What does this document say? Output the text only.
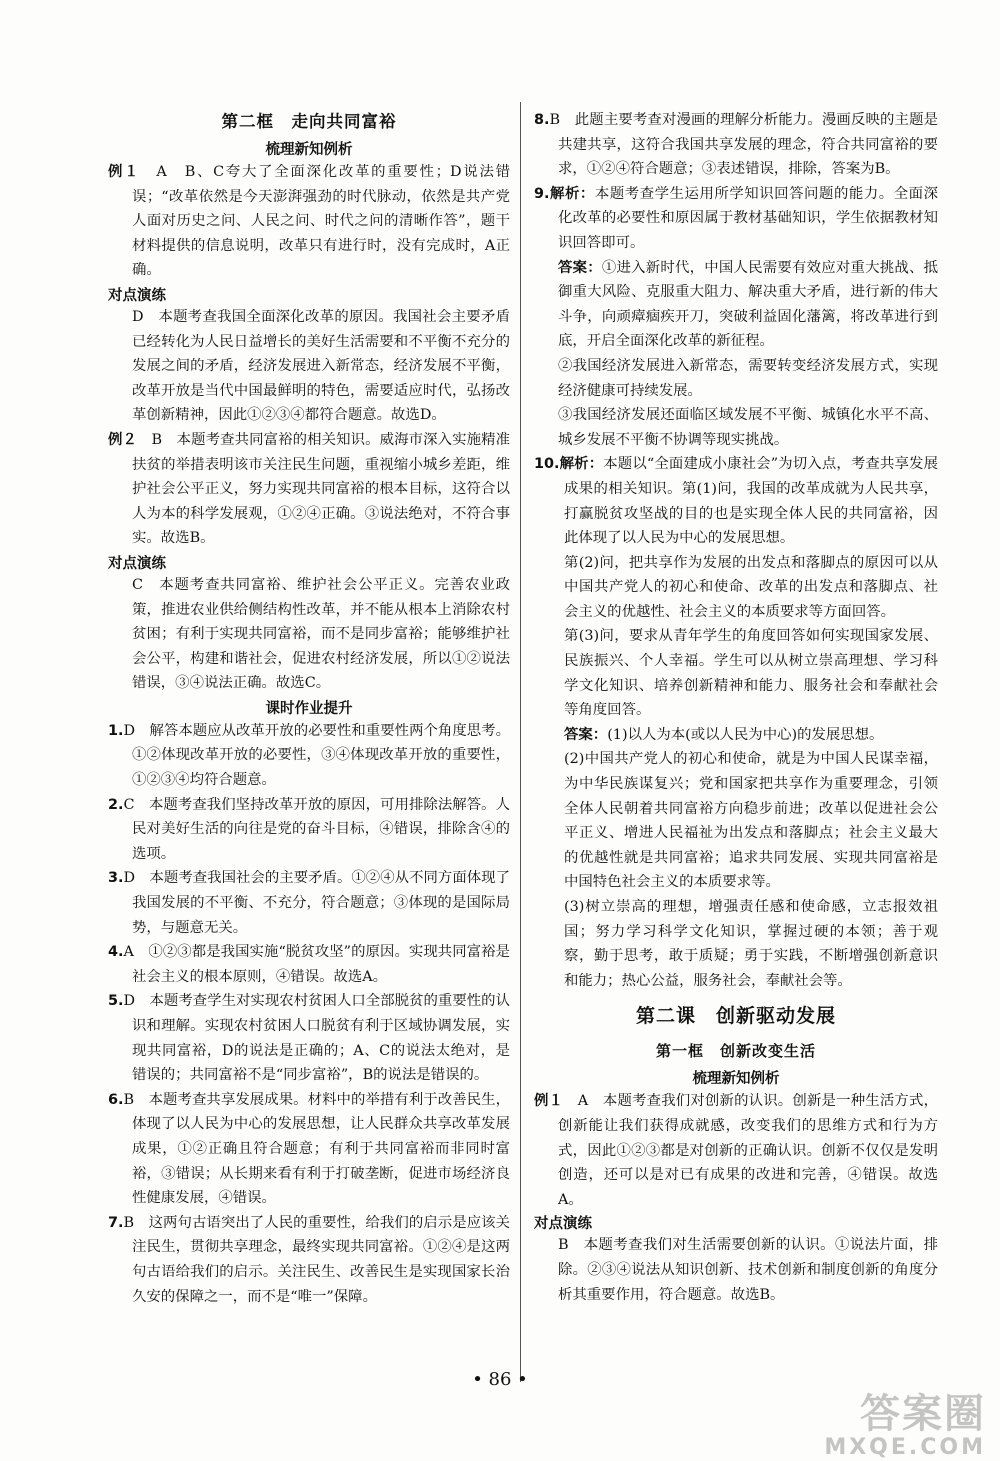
第二框　走向共同富裕

梳理新知例析

例１　 A　B、C夸大了全面深化改革的重要性；D说法错误；“改革依然是今天澎湃强劲的时代脉动，依然是共产党人面对历史之问、人民之问、时代之问的清晰作答”，题干材料提供的信息说明，改革只有进行时，没有完成时，A正确。

对点演练

D　本题考查我国全面深化改革的原因。我国社会主要矛盾已经转化为人民日益增长的美好生活需要和不平衡不充分的发展之间的矛盾，经济发展进入新常态，经济发展不平衡，改革开放是当代中国最鲜明的特色，需要适应时代，弘扬改革创新精神，因此①②③④都符合题意。故选D。

例２　 B　本题考查共同富裕的相关知识。威海市深入实施精准扶贫的举措表明该市关注民生问题，重视缩小城乡差距，维护社会公平正义，努力实现共同富裕的根本目标，这符合以人为本的科学发展观，①②④正确。③说法绝对，不符合事实。故选B。

对点演练

C　本题考查共同富裕、维护社会公平正义。完善农业政策，推进农业供给侧结构性改革，并不能从根本上消除农村贫困；有利于实现共同富裕，而不是同步富裕；能够维护社会公平，构建和谐社会，促进农村经济发展，所以①②说法错误，③④说法正确。故选C。

课时作业提升

1.D　解答本题应从改革开放的必要性和重要性两个角度思考。①②体现改革开放的必要性，③④体现改革开放的重要性，①②③④均符合题意。

2.C　本题考查我们坚持改革开放的原因，可用排除法解答。人民对美好生活的向往是党的奋斗目标，④错误，排除含④的选项。

3.D　本题考查我国社会的主要矛盾。①②④从不同方面体现了我国发展的不平衡、不充分，符合题意；③体现的是国际局势，与题意无关。

4.A　①②③都是我国实施“脱贫攻坚”的原因。实现共同富裕是社会主义的根本原则，④错误。故选A。

5.D　本题考查学生对实现农村贫困人口全部脱贫的重要性的认识和理解。实现农村贫困人口脱贫有利于区域协调发展，实现共同富裕，D的说法是正确的；A、C的说法太绝对，是错误的；共同富裕不是“同步富裕”，B的说法是错误的。

6.B　本题考查共享发展成果。材料中的举措有利于改善民生，体现了以人民为中心的发展思想，让人民群众共享改革发展成果，①②正确且符合题意；有利于共同富裕而非同时富裕，③错误；从长期来看有利于打破垄断，促进市场经济良性健康发展，④错误。

7.B　这两句古语突出了人民的重要性，给我们的启示是应该关注民生，贯彻共享理念，最终实现共同富裕。①②④是这两句古语给我们的启示。关注民生、改善民生是实现国家长治久安的保障之一，而不是“唯一”保障。

8.B　此题主要考查对漫画的理解分析能力。漫画反映的主题是共建共享，这符合我国共享发展的理念，符合共同富裕的要求，①②④符合题意；③表述错误，排除，答案为B。

9.解析：本题考查学生运用所学知识回答问题的能力。全面深化改革的必要性和原因属于教材基础知识，学生依据教材知识回答即可。

答案：①进入新时代，中国人民需要有效应对重大挑战、抵御重大风险、克服重大阻力、解决重大矛盾，进行新的伟大斗争，向顽瘴痼疾开刀，突破利益固化藩篱，将改革进行到底，开启全面深化改革的新征程。

②我国经济发展进入新常态，需要转变经济发展方式，实现经济健康可持续发展。

③我国经济发展还面临区域发展不平衡、城镇化水平不高、城乡发展不平衡不协调等现实挑战。

10.解析：本题以“全面建成小康社会”为切入点，考查共享发展成果的相关知识。第(1)问，我国的改革成就为人民共享，打赢脱贫攻坚战的目的也是实现全体人民的共同富裕，因此体现了以人民为中心的发展思想。

第(2)问，把共享作为发展的出发点和落脚点的原因可以从中国共产党人的初心和使命、改革的出发点和落脚点、社会主义的优越性、社会主义的本质要求等方面回答。

第(3)问，要求从青年学生的角度回答如何实现国家发展、民族振兴、个人幸福。学生可以从树立崇高理想、学习科学文化知识、培养创新精神和能力、服务社会和奉献社会等角度回答。

答案：(1)以人为本(或以人民为中心)的发展思想。

(2)中国共产党人的初心和使命，就是为中国人民谋幸福，为中华民族谋复兴；党和国家把共享作为重要理念，引领全体人民朝着共同富裕方向稳步前进；改革以促进社会公平正义、增进人民福祉为出发点和落脚点；社会主义最大的优越性就是共同富裕；追求共同发展、实现共同富裕是中国特色社会主义的本质要求等。

(3)树立崇高的理想，增强责任感和使命感，立志报效祖国；努力学习科学文化知识，掌握过硬的本领；善于观察，勤于思考，敢于质疑；勇于实践，不断增强创新意识和能力；热心公益，服务社会，奉献社会等。

第二课　创新驱动发展

第一框　创新改变生活

梳理新知例析

例１　 A　本题考查我们对创新的认识。创新是一种生活方式，创新能让我们获得成就感，改变我们的思维方式和行为方式，因此①②③都是对创新的正确认识。创新不仅仅是发明创造，还可以是对已有成果的改进和完善，④错误。故选A。

对点演练

B　本题考查我们对生活需要创新的认识。①说法片面，排除。②③④说法从知识创新、技术创新和制度创新的角度分析其重要作用，符合题意。故选B。

• 86 •
答案圈
MXQE.COM
